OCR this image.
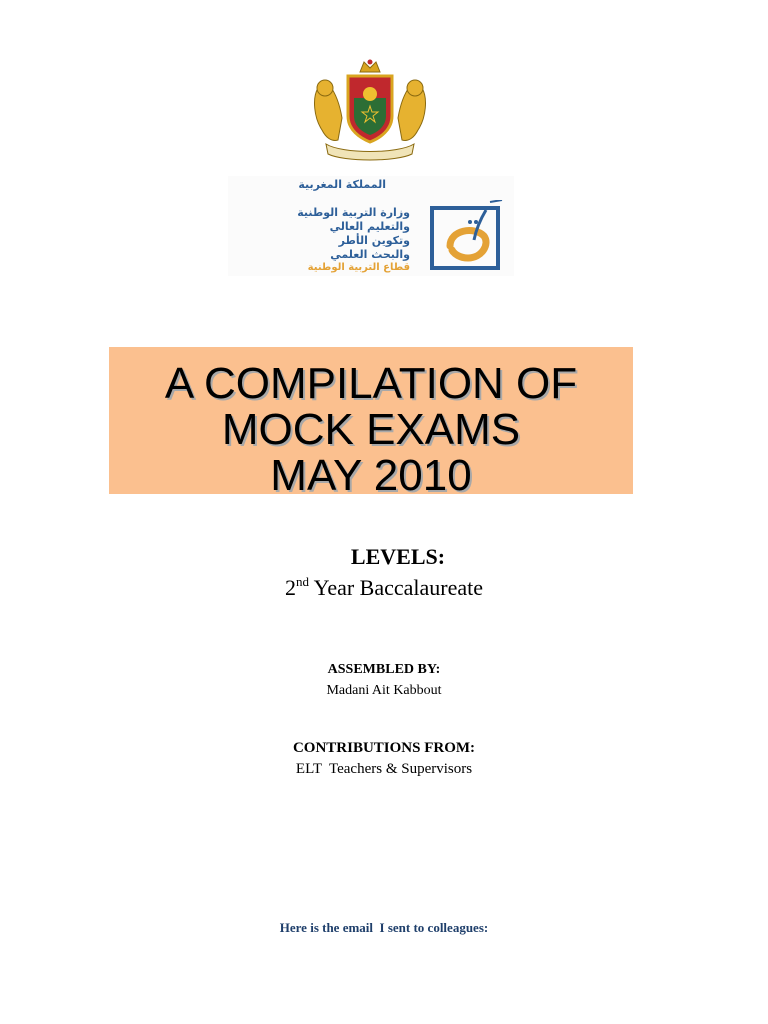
المملكة المغربية
وزارة التربية الوطنية
والتعليم العالي
وتكوين الأطر
والبحث العلمي
قطاع التربية الوطنية
A COMPILATION OF
MOCK EXAMS
MAY 2010
LEVELS:
2nd Year Baccalaureate
ASSEMBLED BY:
Madani Ait Kabbout
CONTRIBUTIONS FROM:
ELT  Teachers & Supervisors
Here is the email  I sent to colleagues:
